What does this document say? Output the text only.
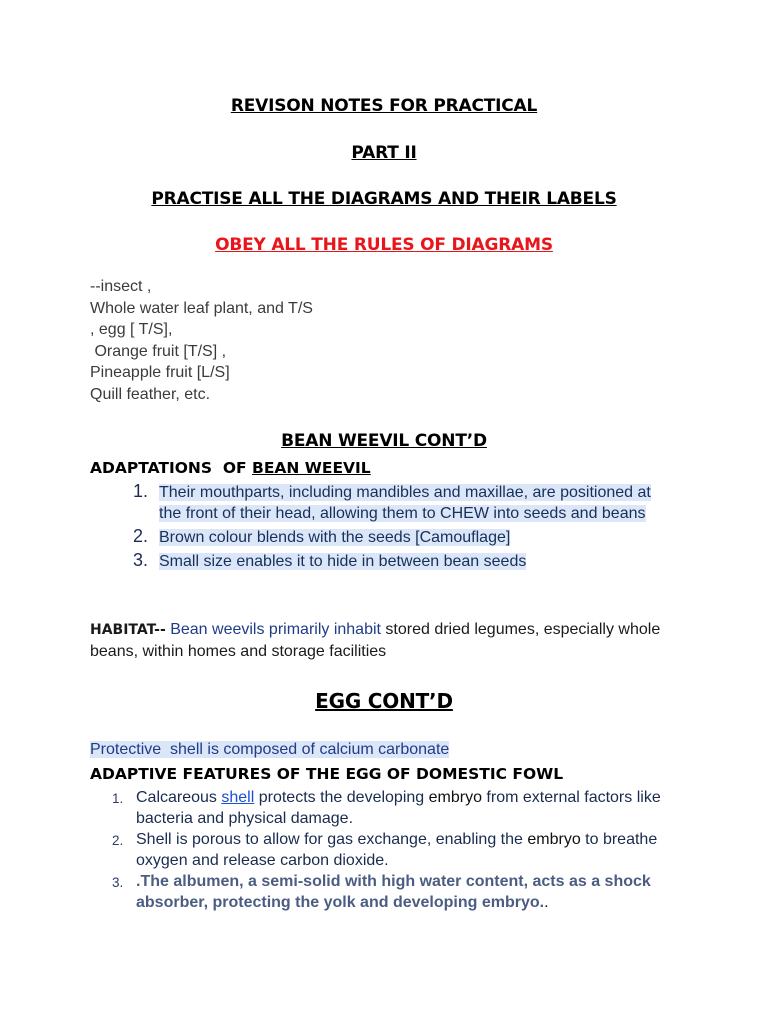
REVISON NOTES FOR PRACTICAL
PART II
PRACTISE ALL THE DIAGRAMS AND THEIR LABELS
OBEY ALL THE RULES OF DIAGRAMS
--insect ,
Whole water leaf plant, and T/S
, egg [ T/S],
Orange fruit [T/S] ,
Pineapple fruit [L/S]
Quill feather, etc.
BEAN WEEVIL CONT’D

ADAPTATIONS  OF BEAN WEEVIL

1. Their mouthparts, including mandibles and maxillae, are positioned at the front of their head, allowing them to CHEW into seeds and beans
2. Brown colour blends with the seeds [Camouflage]
3. Small size enables it to hide in between bean seeds

HABITAT-- Bean weevils primarily inhabit stored dried legumes, especially whole beans, within homes and storage facilities

EGG CONT’D

Protective  shell is composed of calcium carbonate

ADAPTIVE FEATURES OF THE EGG OF DOMESTIC FOWL

1. Calcareous shell protects the developing embryo from external factors like bacteria and physical damage.
2. Shell is porous to allow for gas exchange, enabling the embryo to breathe oxygen and release carbon dioxide.
3. .The albumen, a semi-solid with high water content, acts as a shock absorber, protecting the yolk and developing embryo..
